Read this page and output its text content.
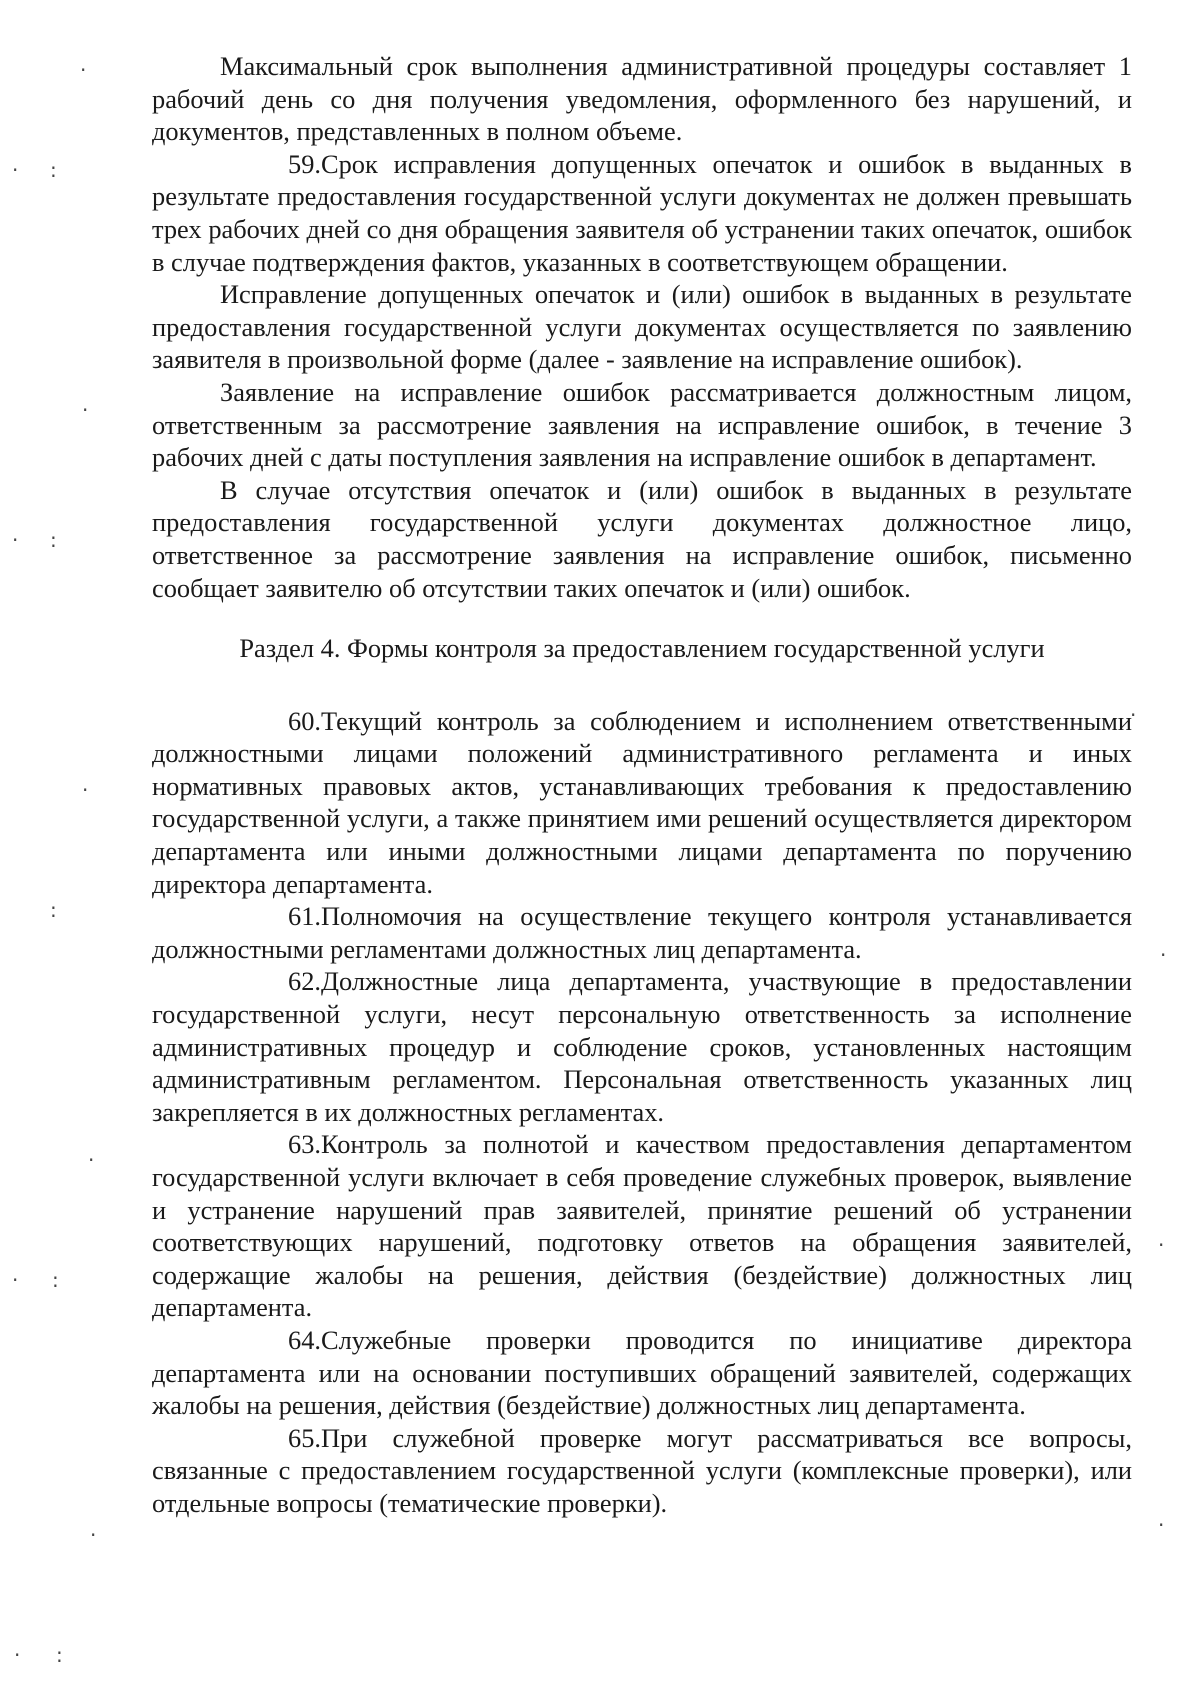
·
· :
·
· :
·
:
·
· :
·
· :
·
·
·
·

Максимальный срок выполнения административной процедуры составляет 1 рабочий день со дня получения уведомления, оформленного без нарушений, и документов, представленных в полном объеме.

59.Срок исправления допущенных опечаток и ошибок в выданных в результате предоставления государственной услуги документах не должен превышать трех рабочих дней со дня обращения заявителя об устранении таких опечаток, ошибок в случае подтверждения фактов, указанных в соответствующем обращении.

Исправление допущенных опечаток и (или) ошибок в выданных в результате предоставления государственной услуги документах осуществляется по заявлению заявителя в произвольной форме (далее - заявление на исправление ошибок).

Заявление на исправление ошибок рассматривается должностным лицом, ответственным за рассмотрение заявления на исправление ошибок, в течение 3 рабочих дней с даты поступления заявления на исправление ошибок в департамент.

В случае отсутствия опечаток и (или) ошибок в выданных в результате предоставления государственной услуги документах должностное лицо, ответственное за рассмотрение заявления на исправление ошибок, письменно сообщает заявителю об отсутствии таких опечаток и (или) ошибок.

Раздел 4. Формы контроля за предоставлением государственной услуги

60.Текущий контроль за соблюдением и исполнением ответственными должностными лицами положений административного регламента и иных нормативных правовых актов, устанавливающих требования к предоставлению государственной услуги, а также принятием ими решений осуществляется директором департамента или иными должностными лицами департамента по поручению директора департамента.

61.Полномочия на осуществление текущего контроля устанавливается должностными регламентами должностных лиц департамента.

62.Должностные лица департамента, участвующие в предоставлении государственной услуги, несут персональную ответственность за исполнение административных процедур и соблюдение сроков, установленных настоящим административным регламентом. Персональная ответственность указанных лиц закрепляется в их должностных регламентах.

63.Контроль за полнотой и качеством предоставления департаментом государственной услуги включает в себя проведение служебных проверок, выявление и устранение нарушений прав заявителей, принятие решений об устранении соответствующих нарушений, подготовку ответов на обращения заявителей, содержащие жалобы на решения, действия (бездействие) должностных лиц департамента.

64.Служебные проверки проводится по инициативе директора департамента или на основании поступивших обращений заявителей, содержащих жалобы на решения, действия (бездействие) должностных лиц департамента.

65.При служебной проверке могут рассматриваться все вопросы, связанные с предоставлением государственной услуги (комплексные проверки), или отдельные вопросы (тематические проверки).
